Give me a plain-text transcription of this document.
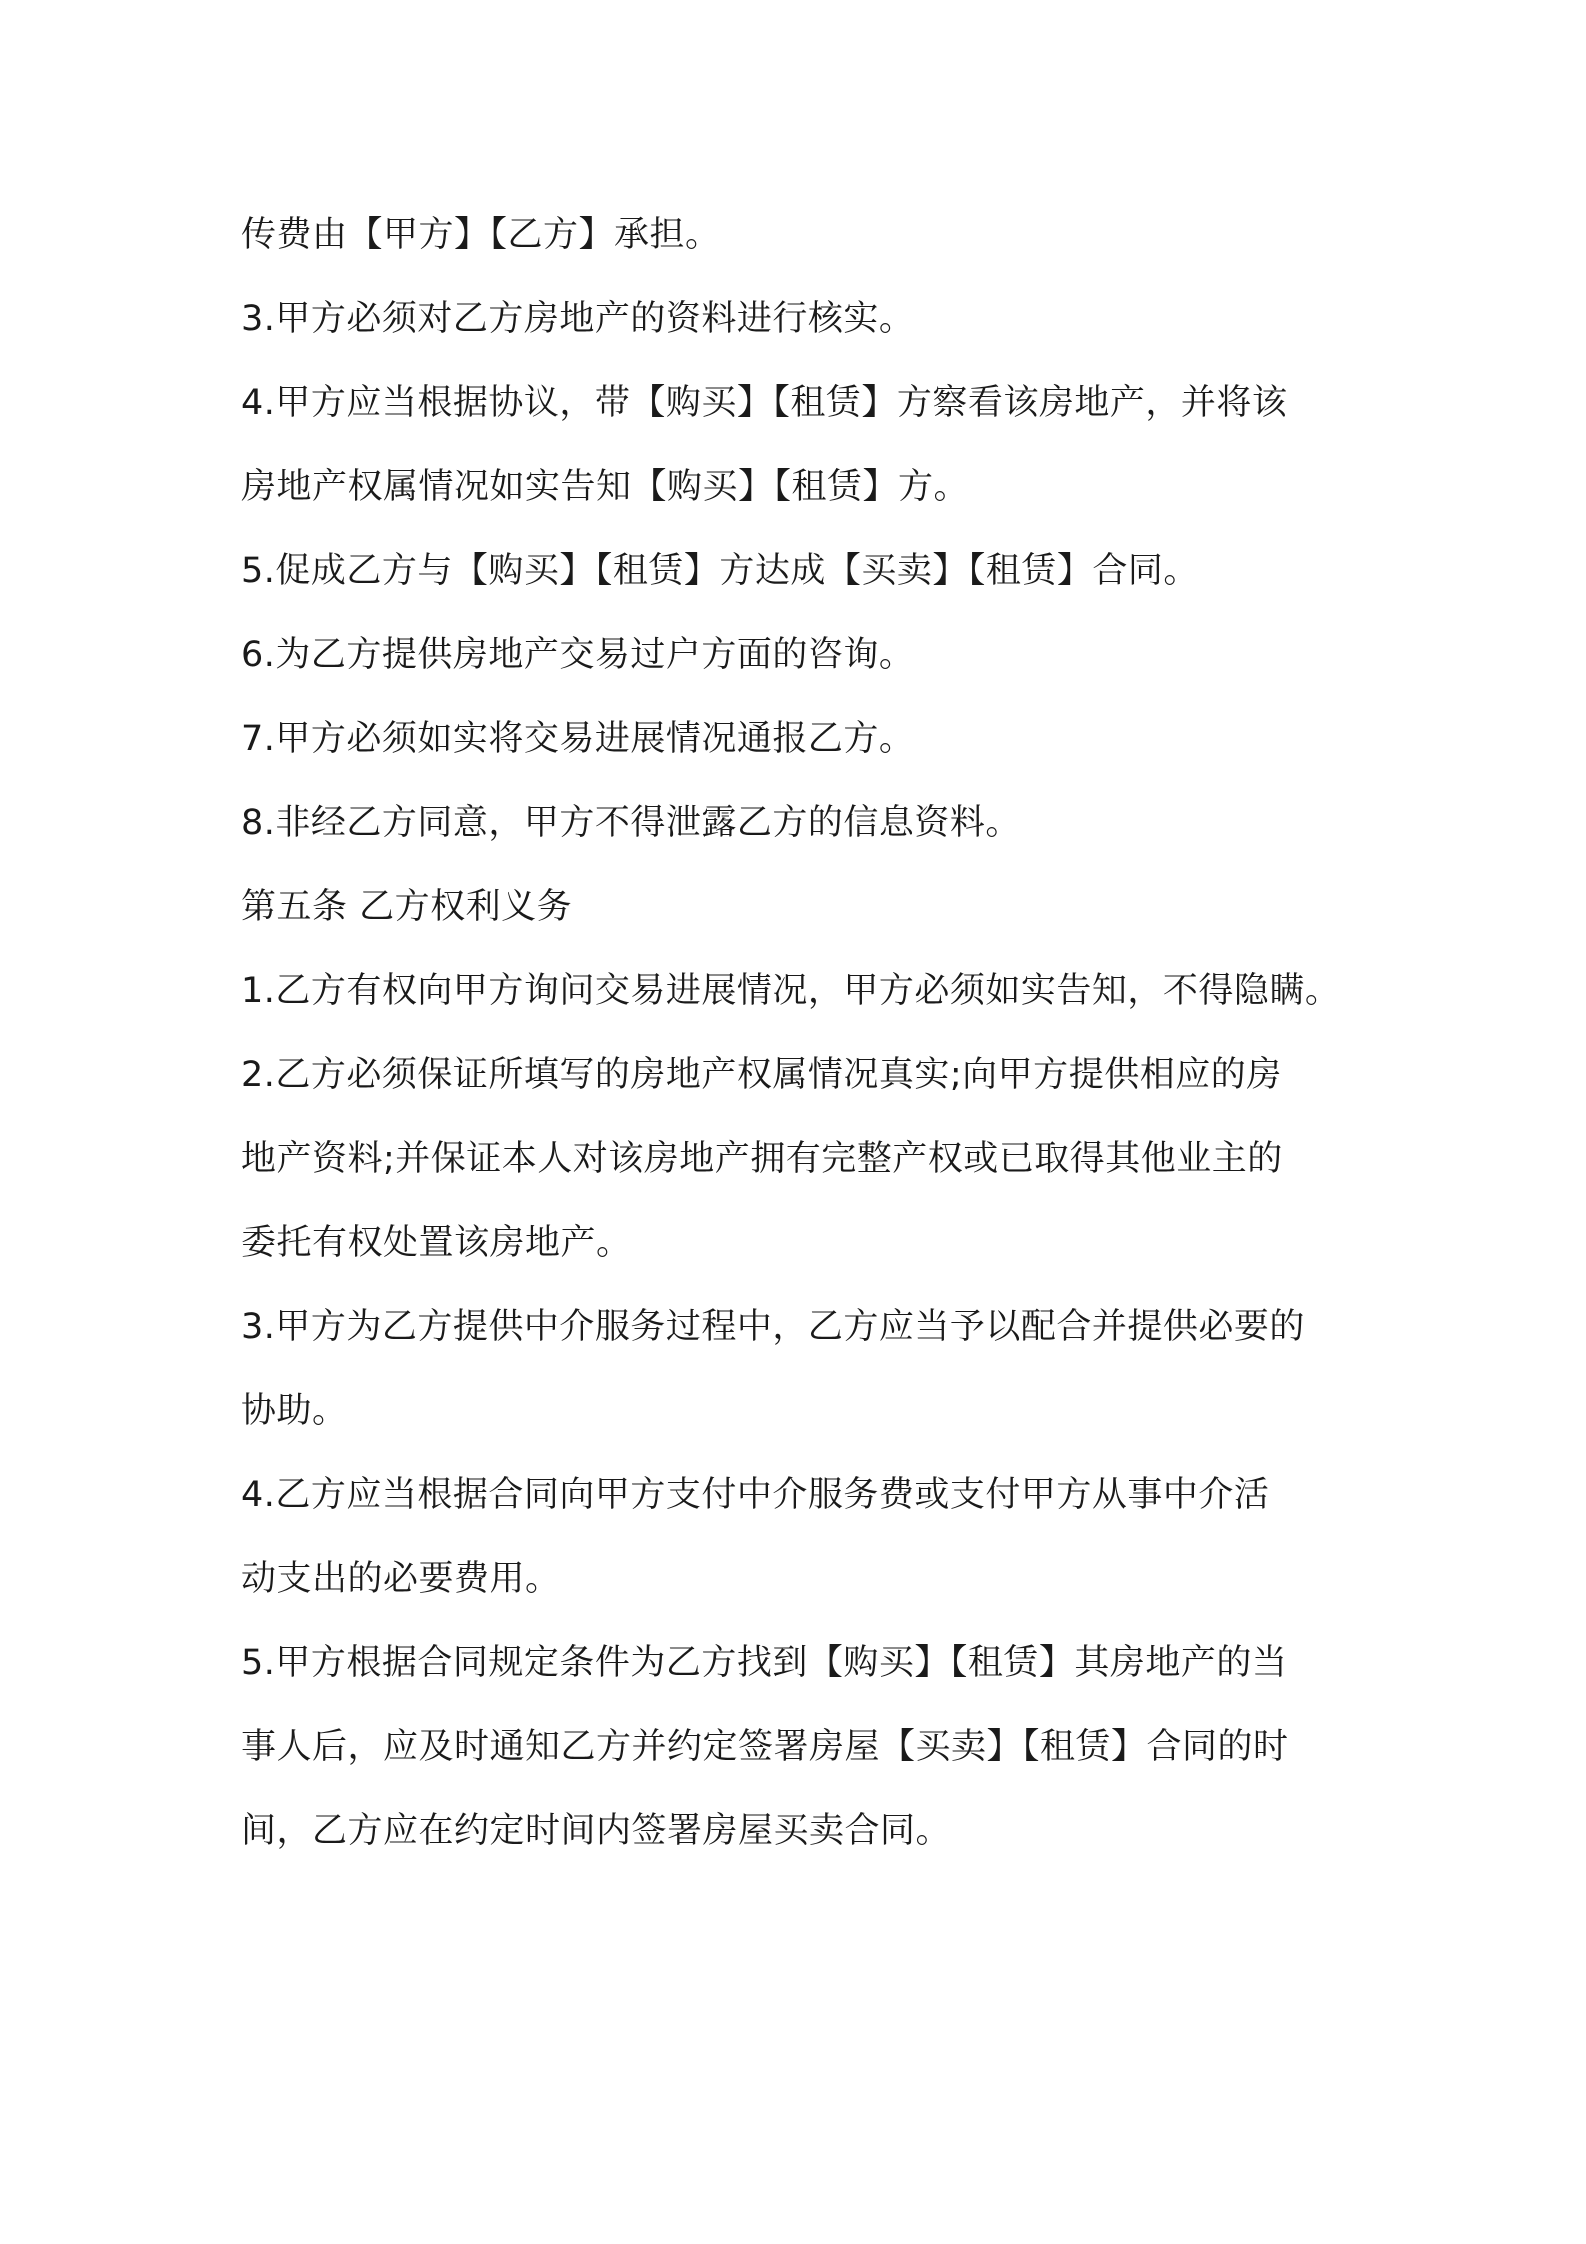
传费由【甲方】【乙方】承担。
3.甲方必须对乙方房地产的资料进行核实。
4.甲方应当根据协议，带【购买】【租赁】方察看该房地产，并将该
房地产权属情况如实告知【购买】【租赁】方。
5.促成乙方与【购买】【租赁】方达成【买卖】【租赁】合同。
6.为乙方提供房地产交易过户方面的咨询。
7.甲方必须如实将交易进展情况通报乙方。
8.非经乙方同意，甲方不得泄露乙方的信息资料。
第五条 乙方权利义务
1.乙方有权向甲方询问交易进展情况，甲方必须如实告知，不得隐瞒。
2.乙方必须保证所填写的房地产权属情况真实;向甲方提供相应的房
地产资料;并保证本人对该房地产拥有完整产权或已取得其他业主的
委托有权处置该房地产。
3.甲方为乙方提供中介服务过程中，乙方应当予以配合并提供必要的
协助。
4.乙方应当根据合同向甲方支付中介服务费或支付甲方从事中介活
动支出的必要费用。
5.甲方根据合同规定条件为乙方找到【购买】【租赁】其房地产的当
事人后，应及时通知乙方并约定签署房屋【买卖】【租赁】合同的时
间，乙方应在约定时间内签署房屋买卖合同。
